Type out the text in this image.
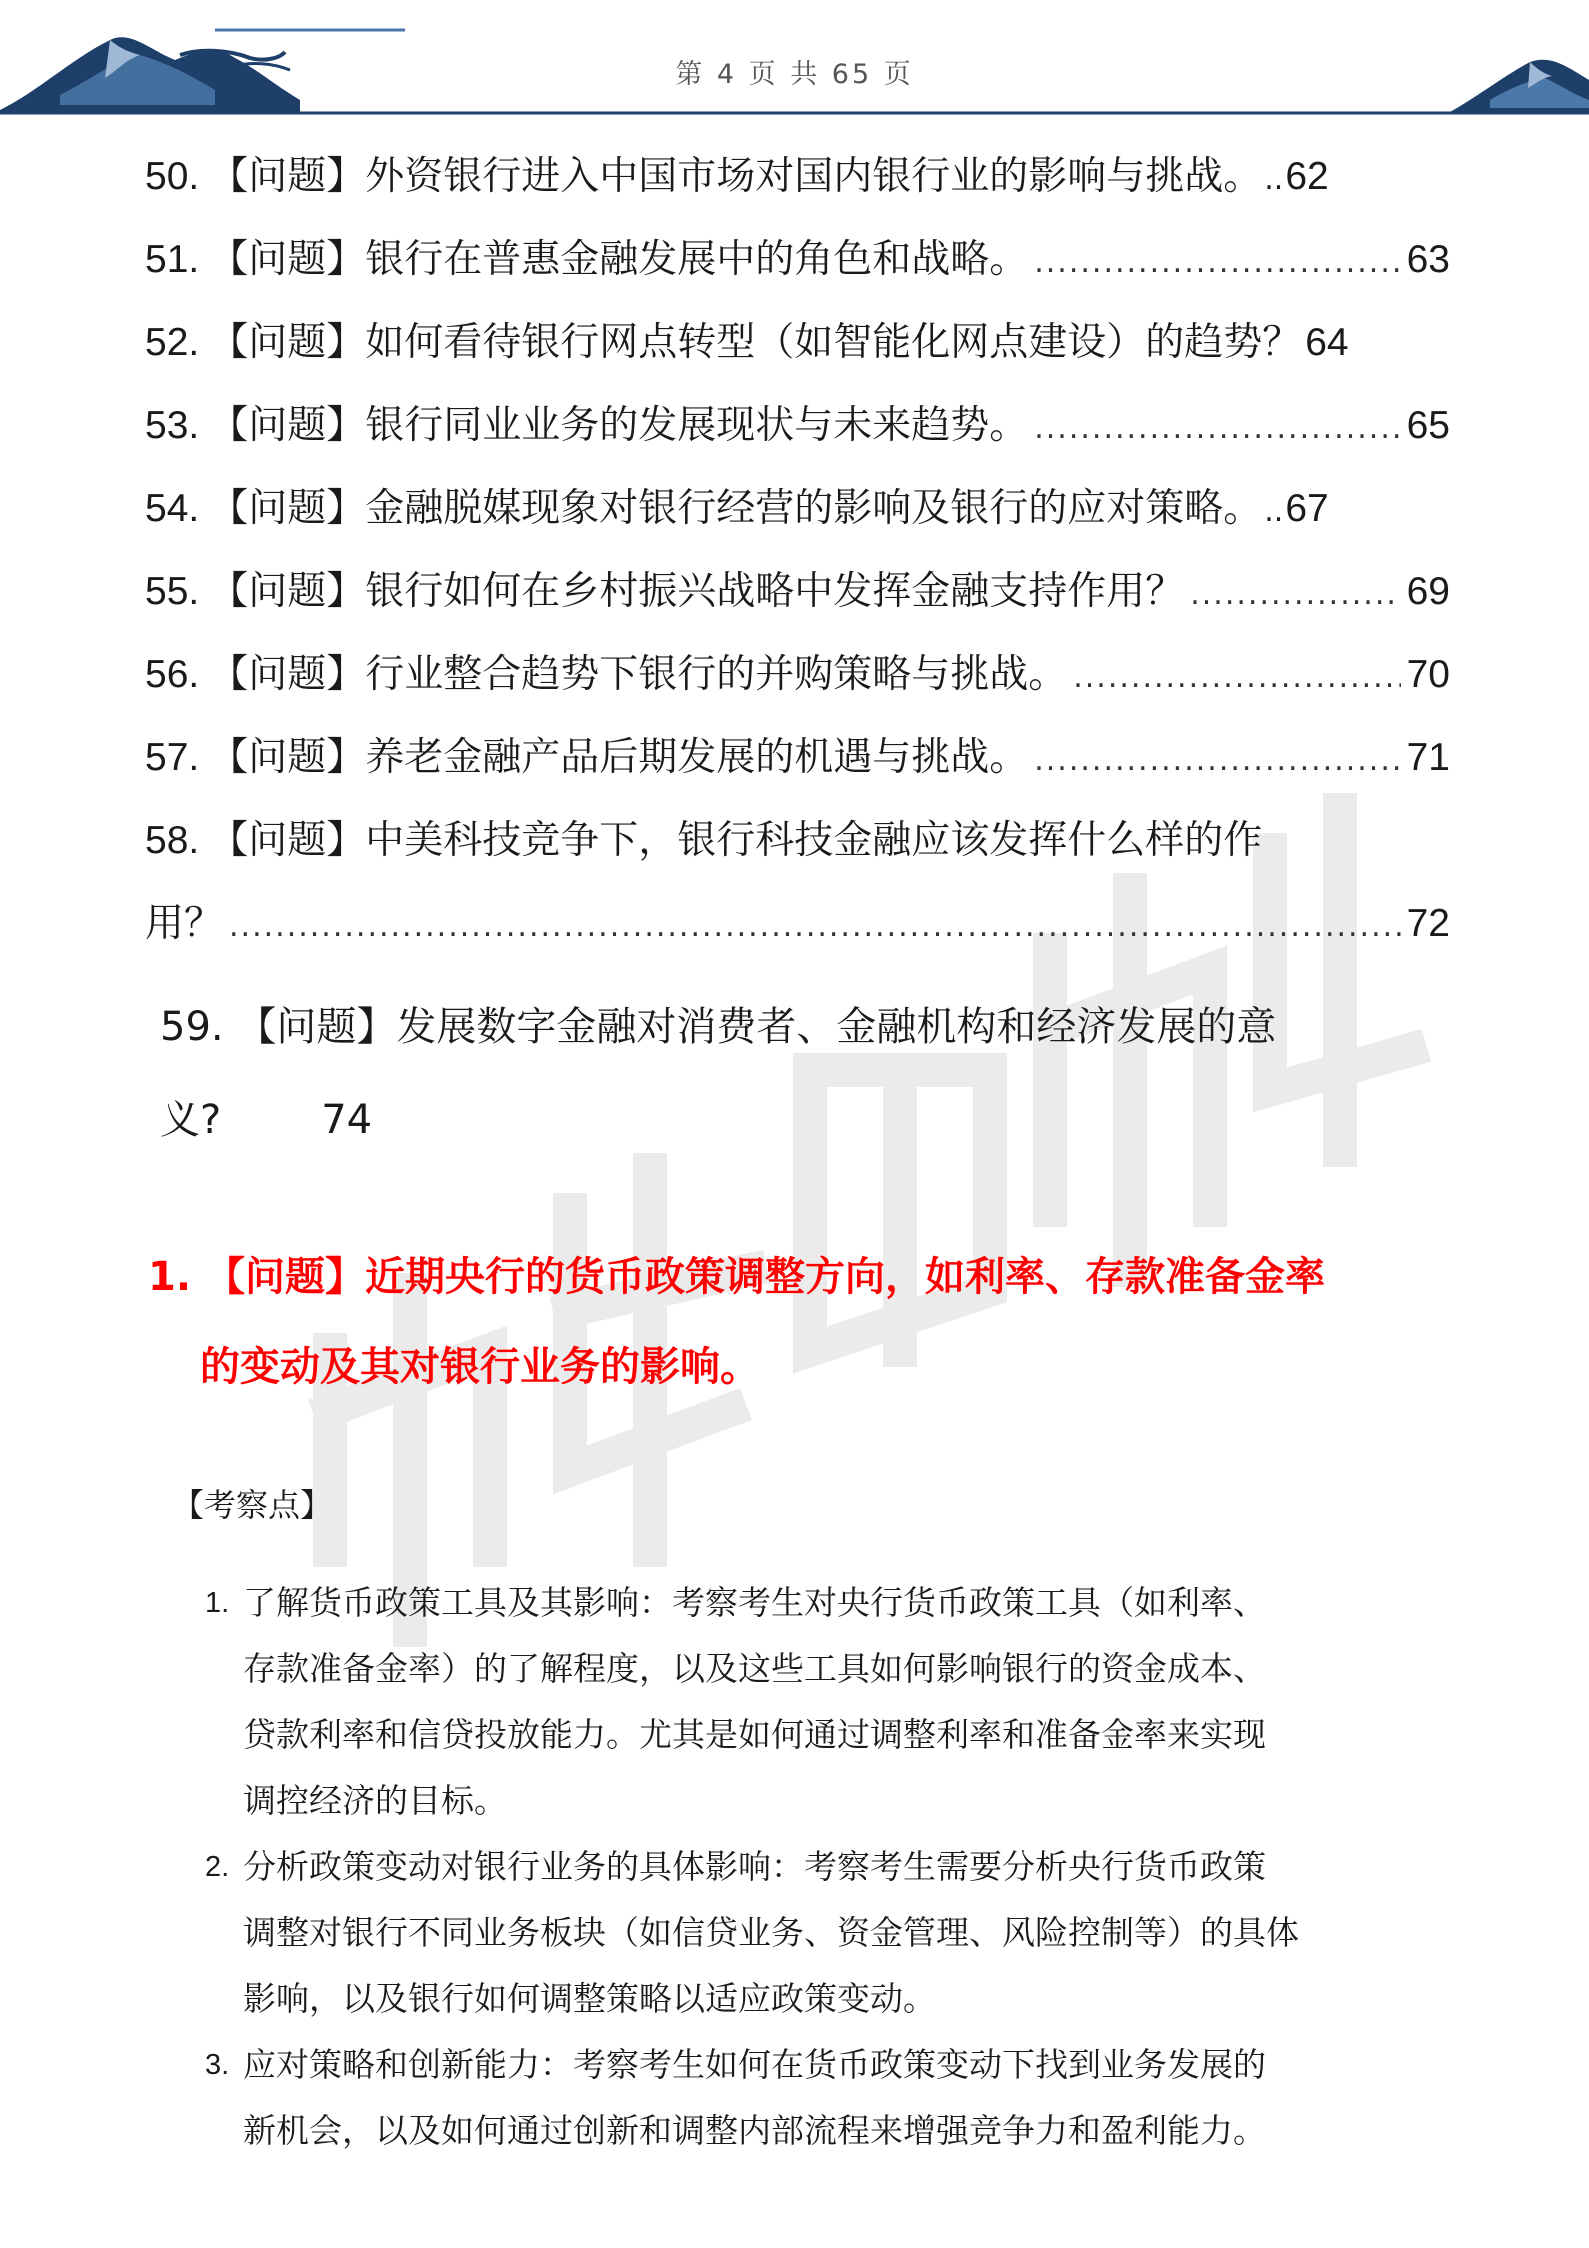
第 4 页 共 65 页
50. 【问题】外资银行进入中国市场对国内银行业的影响与挑战。 .. 62
51. 【问题】银行在普惠金融发展中的角色和战略。 .....	63
52. 【问题】如何看待银行网点转型（如智能化网点建设）的趋势？ 64
53. 【问题】银行同业业务的发展现状与未来趋势。 .....	65
54. 【问题】金融脱媒现象对银行经营的影响及银行的应对策略。 .. 67
55. 【问题】银行如何在乡村振兴战略中发挥金融支持作用？ .....	69
56. 【问题】行业整合趋势下银行的并购策略与挑战。 .....	70
57. 【问题】养老金融产品后期发展的机遇与挑战。 .....	71
58. 【问题】中美科技竞争下，银行科技金融应该发挥什么样的作
用？ .....	72
59. 【问题】发展数字金融对消费者、金融机构和经济发展的意
义?	74
1. 【问题】近期央行的货币政策调整方向，如利率、存款准备金率
的变动及其对银行业务的影响。
【考察点】
1. 了解货币政策工具及其影响：考察考生对央行货币政策工具（如利率、
存款准备金率）的了解程度，以及这些工具如何影响银行的资金成本、
贷款利率和信贷投放能力。尤其是如何通过调整利率和准备金率来实现
调控经济的目标。
2. 分析政策变动对银行业务的具体影响：考察考生需要分析央行货币政策
调整对银行不同业务板块（如信贷业务、资金管理、风险控制等）的具体
影响，以及银行如何调整策略以适应政策变动。
3. 应对策略和创新能力：考察考生如何在货币政策变动下找到业务发展的
新机会，以及如何通过创新和调整内部流程来增强竞争力和盈利能力。
